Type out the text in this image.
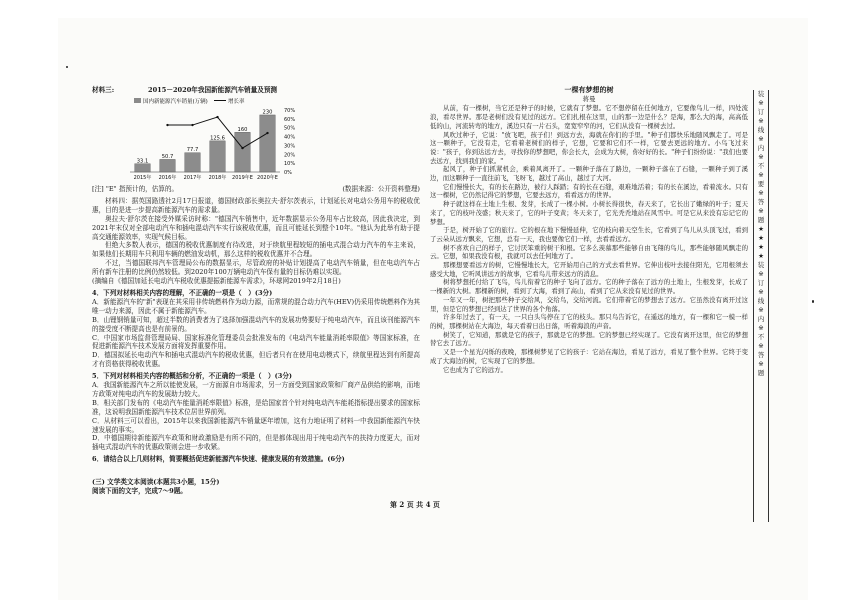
材料三:	2015－2020年我国新能源汽车销量及预测
国内新能源汽车销量(万辆)	增长率
33.1
2015年
50.7
2016年
77.7
2017年
125.6
2018年
160
2019年E
230
2020年E
0%
10%
20%
30%
40%
50%
60%
70%
[注] "E" 指预计的，估算的。	(数据来源：公开资料整理)

材料四：据英国路透社2月17日报道，德国财政部长奥拉夫·舒尔茨表示，计划延长对电动公务用车的税收优惠，目的是进一步提高新能源汽车的需求量。

奥拉夫·舒尔茨在接受外媒采访时称："德国汽车销售中，近年数据显示公务用车占比较高，因此我决定，到2021年末仅对全部电动汽车和插电混动汽车实行该税收优惠，而且可能延长到整个10年。"他认为此举有助于提高交通能源效率，实现气候目标。

但绝大多数人表示，德国的税收优惠制度有待改进，对于续航里程较短的插电式混合动力汽车的车主来说，如果他们长期用车只利用车辆的燃油发动机，那么这样的税收优惠并不合理。

不过，当德国联邦汽车管理局公布的数据显示，尽管政府的补贴计划提高了电动汽车销量，但在电动汽车占所有新车注册的比例仍然较低。到2020年100万辆电动汽车保有量的目标仍难以实现。

(摘编自《德国加延长电动汽车税收优惠提振新能源车需求》，环球网2019年2月18日)

4．下列对材料相关内容的理解，不正确的一项是（　）(3分)

A．新能源汽车的"新"表现在其采用非传统燃料作为动力源，而常规的混合动力汽车(HEV)仍采用传统燃料作为其唯一动力来源，因此不属于新能源汽车。

B．山锂钢销量可知，超过半数的消费者为了选择加强混动汽车的发展功势要好于纯电动汽车，而且该刊能源汽车的接受度不断提高也是有前景的。

C．中国家市场监督管理局局、国家标准化管理委员会批准发布的《电动汽车能量消耗率限值》等国家标准，在促进新能源汽车技术发展方面将发挥重要作用。

D．德国拟延长电动汽车和插电式混动汽车的税收优惠，但后者只有在使用电动模式下，续航里程达到有所提高才有资格获得税收优惠。

5．下列对材料相关内容的概括和分析，不正确的一项是（　）(3分)

A．我国新能源汽车之所以能使发展，一方面源自市场需求，另一方面受到国家政策和厂商产品供给的影响，而地方政策对纯电动汽车的发展助力较大。

B．相关部门发布的《电动汽车能量消耗率限值》标准，是给国家首个针对纯电动汽车能耗指标提出要求的国家标准，这说明我国新能源汽车技术位居世界前列。

C．从材料三可以看出，2015年以来我国新能源汽车销量逐年增加，这有力地证明了材料一中我国新能源汽车快速发展的事实。

D．中德国期待新能源汽车政策和财政激励是有所不同的，但是都体现出用于纯电动汽车的扶持力度更大，而对插电式混动汽车的优惠政策则会进一步收紧。

6．请结合以上几则材料，简要概括促进新能源汽车快速、健康发展的有效措施。(6分)

(三) 文学类文本阅读(本题共3小题，15分)

阅读下面的文字，完成7～9题。

一棵有梦想的树
蒋曼

从前，有一棵树，当它还是种子的时候，它就有了梦想。它不想停留在任何地方，它要像鸟儿一样，四处流浪，看尽世界。那是老树们没有见过的远方。它们扎根在这里，山的那一边是什么？是海，那么大的海，高高低低的山，河流转弯的地方，溪边只有一片石头，宽宽窄窄的河，它们从没有一棵树去过。

风吹过种子，它说："放飞吧，孩子们！到远方去，海就在你们的手里。"种子们都快乐地随风飘走了。可是这一颗种子，它没有走，它看着老树们的样子，它想，它要和它们不一样，它要去更远的地方。小鸟飞过来说："孩子，你到达远方去，寻找你的梦想吧，你会长大，会成为大树，你好好的长。"种子们纷纷说："我们也要去远方，找到我们的家。"

起风了，种子们抓紧机会，乘着风离开了。一颗种子落在了路边，一颗种子落在了石缝，一颗种子到了溪边，而这颗种子一直往前飞，飞呀飞，越过了高山，越过了大河。

它们慢慢长大，有的长在路边，被行人踩踏；有的长在石缝，艰难地活着；有的长在溪边，看着流水。只有这一棵树，它仍然记得它的梦想，它要去远方，看看远方的世界。

种子就这样在土地上生根、发芽，长成了一棵小树。小树长得很快，春天来了，它长出了嫩绿的叶子；夏天来了，它的枝叶茂盛；秋天来了，它的叶子变黄；冬天来了，它光秃秃地站在风雪中。可是它从来没有忘记它的梦想。

于是，树开始了它的旅行。它的根在地下慢慢延伸，它的枝向着天空生长，它看到了鸟儿从头顶飞过，看到了云朵从远方飘来，它想，总有一天，我也要像它们一样，去看看远方。

树不喜欢自己的样子，它讨厌笨重的树干和根。它多么羡慕那些能够自由飞翔的鸟儿，那些能够随风飘走的云。它想，如果我没有根，我就可以去任何地方了。

那棵想要看远方的树，它慢慢地长大，它开始用自己的方式去看世界。它伸出枝叶去接住阳光，它用根须去感受大地，它听风讲远方的故事，它看鸟儿带来远方的消息。

树将梦想托付给了飞鸟，鸟儿衔着它的种子飞向了远方。它的种子落在了远方的土地上，生根发芽，长成了一棵新的大树。那棵新的树，看到了大海，看到了高山，看到了它从来没有见过的世界。

一年又一年，树把那些种子交给风，交给鸟，交给河流。它们带着它的梦想去了远方。它虽然没有离开过这里，但是它的梦想已经到达了世界的各个角落。

许多年过去了，有一天，一只白头鸟停在了它的枝头。那只鸟告诉它，在遥远的地方，有一棵和它一模一样的树，那棵树站在大海边，每天看着日出日落，听着海浪的声音。

树笑了，它知道，那就是它的孩子，那就是它的梦想。它的梦想已经实现了。它没有离开这里，但它的梦想替它去了远方。

又是一个星光闪烁的夜晚，那棵树梦见了它的孩子：它站在海边，看见了远方，看见了整个世界。它终于变成了大海边的树，它实现了它的梦想。

它也成为了它的远方。

装
※
订
※
线
※
内
※
不
※
要
※
答
※
题
★
★
★
★
装
※
订
※
线
※
内
※
不
※
答
※
题
第 2 页 共 4 页
